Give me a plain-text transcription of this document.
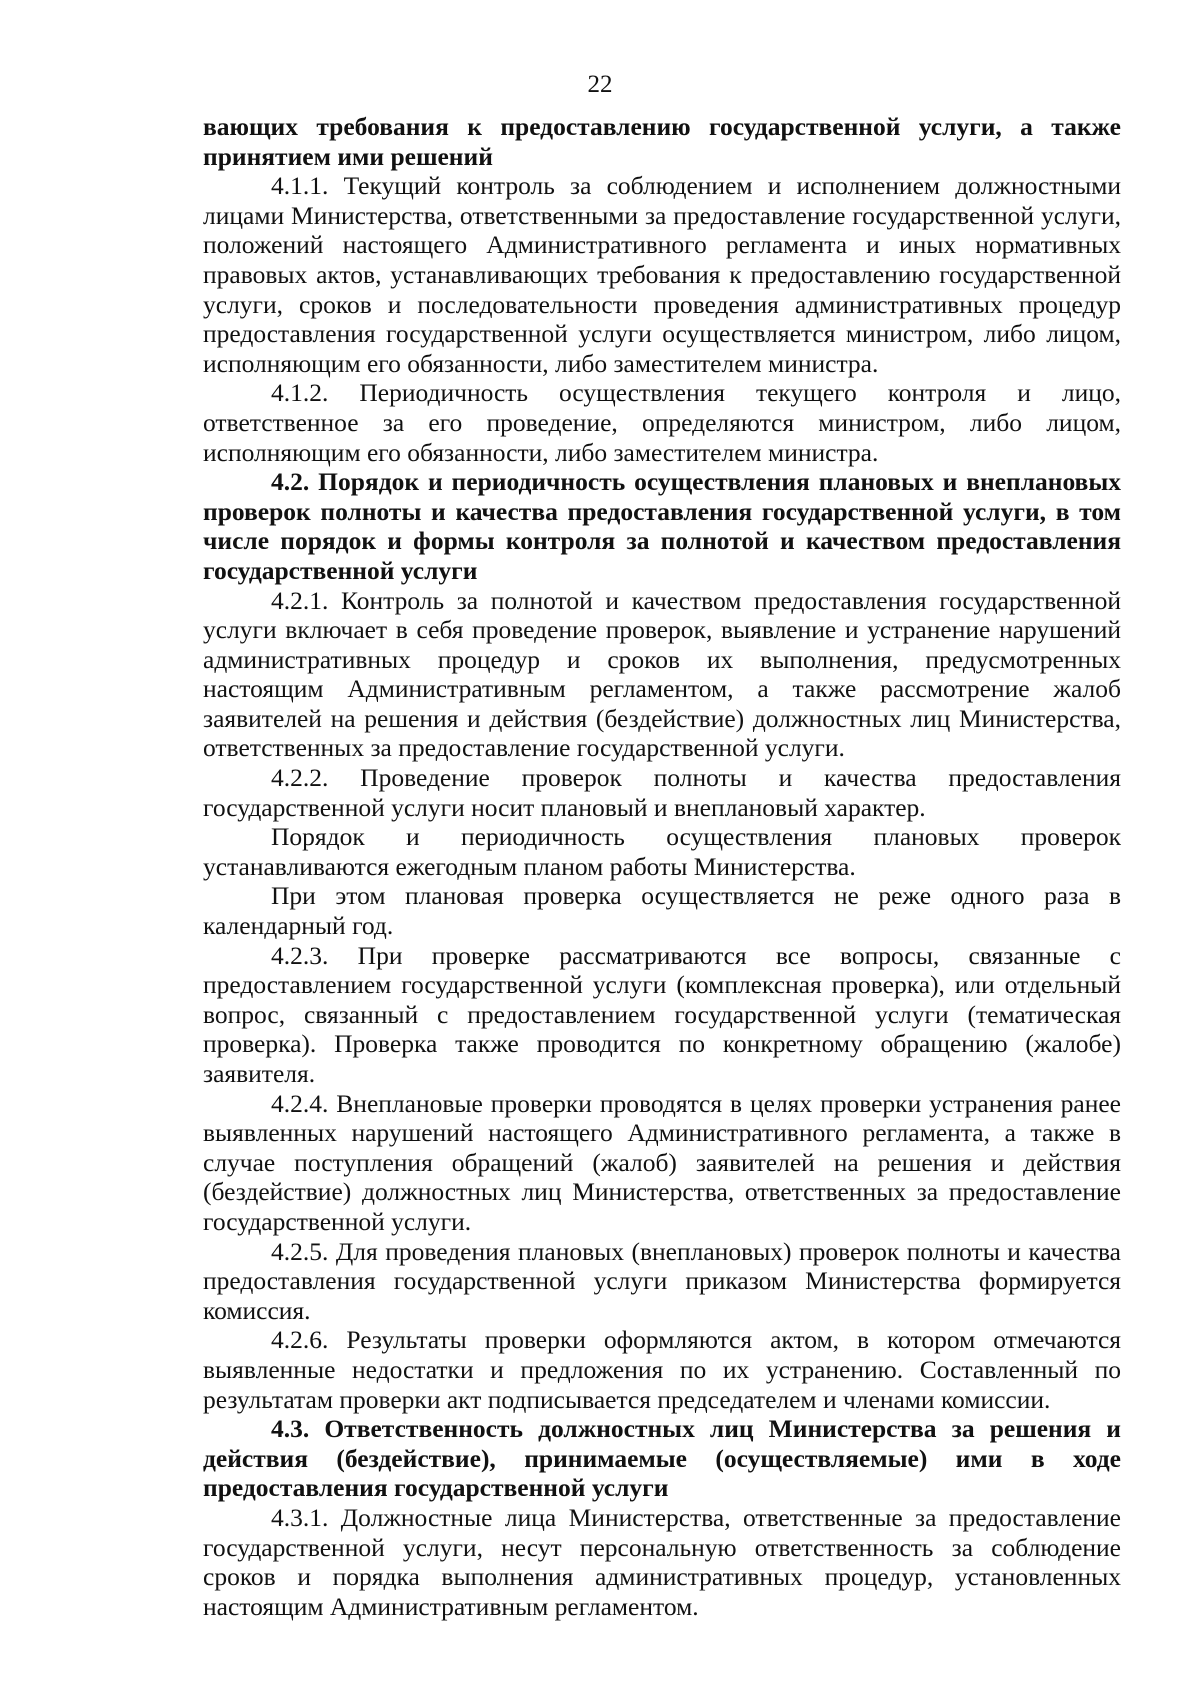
22

вающих требования к предоставлению государственной услуги, а также принятием ими решений

4.1.1. Текущий контроль за соблюдением и исполнением должностными лицами Министерства, ответственными за предоставление государственной услуги, положений настоящего Административного регламента и иных нормативных правовых актов, устанавливающих требования к предоставлению государственной услуги, сроков и последовательности проведения административных процедур предоставления государственной услуги осуществляется министром, либо лицом, исполняющим его обязанности, либо заместителем министра.

4.1.2. Периодичность осуществления текущего контроля и лицо, ответственное за его проведение, определяются министром, либо лицом, исполняющим его обязанности, либо заместителем министра.

4.2. Порядок и периодичность осуществления плановых и внеплановых проверок полноты и качества предоставления государственной услуги, в том числе порядок и формы контроля за полнотой и качеством предоставления государственной услуги

4.2.1. Контроль за полнотой и качеством предоставления государственной услуги включает в себя проведение проверок, выявление и устранение нарушений административных процедур и сроков их выполнения, предусмотренных настоящим Административным регламентом, а также рассмотрение жалоб заявителей на решения и действия (бездействие) должностных лиц Министерства, ответственных за предоставление государственной услуги.

4.2.2. Проведение проверок полноты и качества предоставления государственной услуги носит плановый и внеплановый характер.

Порядок и периодичность осуществления плановых проверок устанавливаются ежегодным планом работы Министерства.

При этом плановая проверка осуществляется не реже одного раза в календарный год.

4.2.3. При проверке рассматриваются все вопросы, связанные с предоставлением государственной услуги (комплексная проверка), или отдельный вопрос, связанный с предоставлением государственной услуги (тематическая проверка). Проверка также проводится по конкретному обращению (жалобе) заявителя.

4.2.4. Внеплановые проверки проводятся в целях проверки устранения ранее выявленных нарушений настоящего Административного регламента, а также в случае поступления обращений (жалоб) заявителей на решения и действия (бездействие) должностных лиц Министерства, ответственных за предоставление государственной услуги.

4.2.5. Для проведения плановых (внеплановых) проверок полноты и качества предоставления государственной услуги приказом Министерства формируется комиссия.

4.2.6. Результаты проверки оформляются актом, в котором отмечаются выявленные недостатки и предложения по их устранению. Составленный по результатам проверки акт подписывается председателем и членами комиссии.

4.3. Ответственность должностных лиц Министерства за решения и действия (бездействие), принимаемые (осуществляемые) ими в ходе предоставления государственной услуги

4.3.1. Должностные лица Министерства, ответственные за предоставление государственной услуги, несут персональную ответственность за соблюдение сроков и порядка выполнения административных процедур, установленных настоящим Административным регламентом.
